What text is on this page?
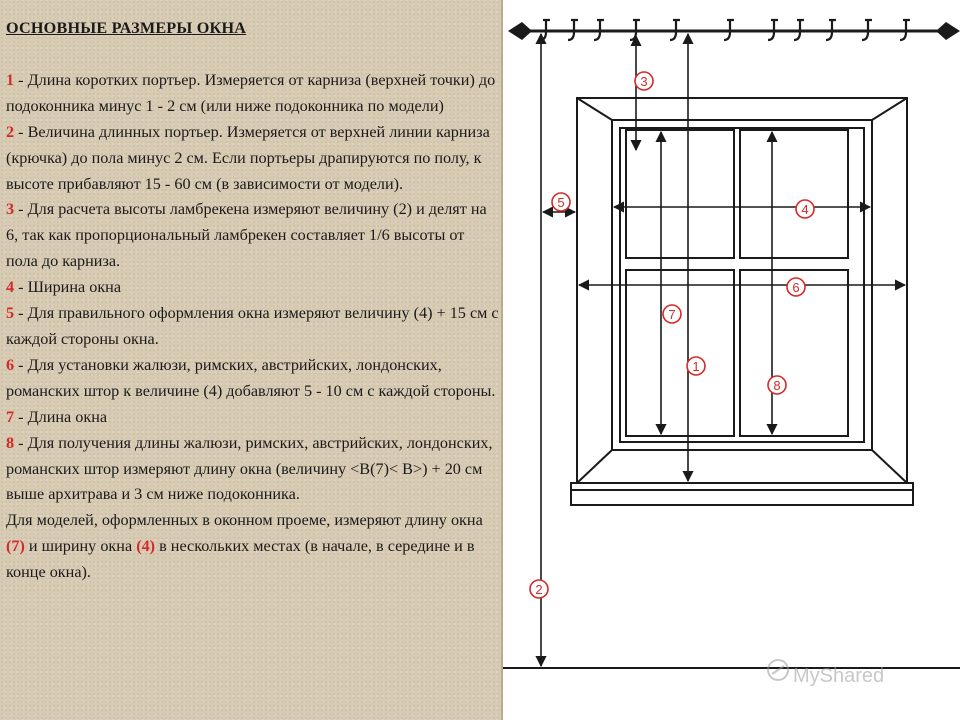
ОСНОВНЫЕ РАЗМЕРЫ ОКНА

1 - Длина коротких портьер. Измеряется от карниза (верхней точки) до подоконника минус 1 - 2 см (или ниже подоконника по модели)

2 - Величина длинных портьер. Измеряется от верхней линии карниза (крючка) до пола минус 2 см. Если портьеры драпируются по полу, к высоте прибавляют 15 - 60 см (в зависимости от модели).

3 - Для расчета высоты ламбрекена измеряют величину (2) и делят на 6, так как пропорциональный ламбрекен составляет 1/6 высоты от пола до карниза.

4 - Ширина окна

5 - Для правильного оформления окна измеряют величину (4) + 15 см с каждой стороны окна.

6 - Для установки жалюзи, римских, австрийских, лондонских, романских штор к величине (4) добавляют 5 - 10 см с каждой стороны.

7 - Длина окна

8 - Для получения длины жалюзи, римских, австрийских, лондонских, романских штор измеряют длину окна (величину <В(7)< В>) + 20 см выше архитрава и 3 см ниже подоконника.

Для моделей, оформленных в оконном проеме, измеряют длину окна (7) и ширину окна (4) в нескольких местах (в начале, в середине и в конце окна).

3
5	4
6
7
1
8
2
MyShared
